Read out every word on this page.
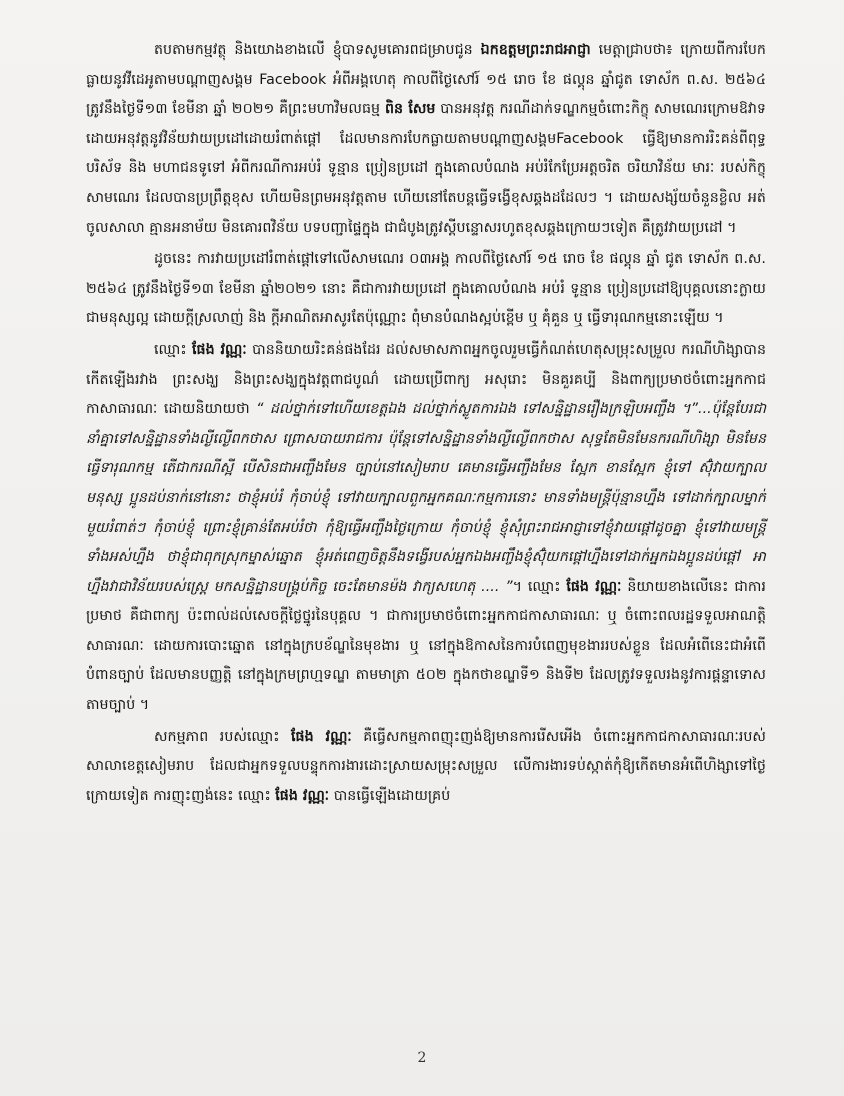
តបតាមកម្មវត្ថុ និងយោងខាងលើ ខ្ញុំបាទសូមគោរពជម្រាបជូន ឯកឧត្តមព្រះរាជអាជ្ញា មេត្តាជ្រាបថា៖ ក្រោយពីការបែកធ្លាយនូវវីដេអូតាមបណ្តាញសង្គម Facebook អំពីអង្គហេតុ កាលពីថ្ងៃសៅរ៍ ១៥ រោច ខែ ផល្គុន ឆ្នាំជូត ទោស័ក ព.ស. ២៥៦៤ ត្រូវនឹងថ្ងៃទី១៣ ខែមីនា ឆ្នាំ ២០២១ គឺព្រះមហាវិមលធម្ម ពិន សែម បានអនុវត្ត ករណីដាក់ទណ្ឌកម្មចំពោះកិក្ខុ សាមណេរក្រោមឱវាទ ដោយអនុវត្តនូវវិន័យវាយប្រដៅដោយរំពាត់ផ្តៅ ដែលមានការបែកធ្លាយតាមបណ្តាញសង្គមFacebook ធ្វើឱ្យមានការរិះគន់ពីពុទ្ធបរិស័ទ និង មហាជនទូទៅ អំពីករណីការអប់រំ ទូន្មាន ប្រៀនប្រដៅ ក្នុងគោលបំណង អប់រំកែប្រែអត្តចរិត ចរិយាវិន័យ មារៈ របស់កិក្ខុសាមណេរ ដែលបានប្រព្រឹត្តខុស ហើយមិនព្រមអនុវត្តតាម ហើយនៅតែបន្តធ្វើទង្វើខុសឆ្គងដដែលៗ ។ ដោយសង្ស័យចំនួនខ្លិល អត់ចូលសាលា គ្មានអនាម័យ មិនគោរពវិន័យ បទបញ្ជាផ្ទៃក្នុង ជាជំបូងត្រូវស្តីបន្ទោសរហូតខុសឆ្គងក្រោយៗទៀត គឺត្រូវវាយប្រដៅ ។

ដូចនេះ ការវាយប្រដៅរំពាត់ផ្តៅទៅលើសាមណេរ ០៣អង្គ កាលពីថ្ងៃសៅរ៍ ១៥ រោច ខែ ផល្គុន ឆ្នាំ ជូត ទោស័ក ព.ស. ២៥៦៤ ត្រូវនឹងថ្ងៃទី១៣ ខែមីនា ឆ្នាំ២០២១ នោះ គឺជាការវាយប្រដៅ ក្នុងគោលបំណង អប់រំ ទូន្មាន ប្រៀនប្រដៅឱ្យបុគ្គលនោះក្លាយជាមនុស្សល្អ ដោយក្តីស្រលាញ់ និង ក្តីអាណិតអាសូរតែប៉ុណ្ណោះ ពុំមានបំណងស្អប់ខ្ពើម ឬ គុំគួន ឬ ធ្វើទារុណកម្មនោះឡើយ ។

ឈ្មោះ ផែង វណ្ណៈ បាននិយាយរិះគន់ផងដែរ ដល់សមាសភាពអ្នកចូលរួមធ្វើកំណត់ហេតុសម្រុះសម្រួល ករណីហិង្សាបានកើតឡើងរវាង ព្រះសង្ឃ និងព្រះសង្ឃក្នុងវត្តពាជបូណ៌ ដោយប្រើពាក្យ អសុរោះ មិនគួរគប្បី និងពាក្យប្រមាថចំពោះអ្នកកាជកាសាធារណៈ ដោយនិយាយថា “ ដល់ថ្នាក់ទៅហើយខេត្តឯង ដល់ថ្នាក់ស្លូតការឯង ទៅសន្និដ្ឋានរឿងក្រឡិបអញ្ចឹង ។”...ប៉ុន្តែបែរជានាំគ្នាទៅសន្និដ្ឋានទាំងល្ងីល្ងើពកថាស ព្រោសបាយរាជការ ប៉ុន្តែទៅសន្និដ្ឋានទាំងល្ងីល្ងើពកថាស សុទ្ធតែមិនមែនករណីហិង្សា មិនមែនធ្វើទារុណកម្ម តើជាករណីស្អី បើសិនជាអញ្ចឹងមែន ច្បាប់នៅសៀមរាប គេមានធ្វើអញ្ចឹងមែន ស្អែក ខានស្អែក ខ្ញុំទៅ ស៊ុំវាយក្បាលមនុស្ស ប្អូនដប់នាក់នៅនោះ ថាខ្ញុំអប់រំ កុំចាប់ខ្ញុំ ទៅវាយក្បាលពួកអ្នកគណៈកម្មការនោះ មានទាំងមន្ត្រីប៉ុន្មានហ្នឹង ទៅដាក់ក្បាលម្នាក់មួយរំពាត់ៗ កុំចាប់ខ្ញុំ ព្រោះខ្ញុំគ្រាន់តែអប់រំថា កុំឱ្យធ្វើអញ្ចឹងថ្ងៃក្រោយ កុំចាប់ខ្ញុំ ខ្ញុំសុំព្រះរាជអាជ្ញាទៅខ្ញុំវាយផ្តៅដូចគ្នា ខ្ញុំទៅវាយមន្ត្រីទាំងអស់ហ្នឹង ថាខ្ញុំជាពុកស្រុកម្នាស់ឆ្នោត ខ្ញុំអត់ពេញចិត្តនឹងទង្វើរបស់អ្នកឯងអញ្ចឹងខ្ញុំស៊ុំយកផ្តៅហ្នឹងទៅដាក់អ្នកឯងប្អូនដប់ផ្តៅ អាហ្នឹងវាជាវិន័យរបស់ស្ត្រេ មកសន្និដ្ឋានបង្គ្រប់កិច្ច ចេះតែមានម៉ង វាក្យសហេតុ .... ”។ ឈ្មោះ ផែង វណ្ណៈ និយាយខាងលើនេះ ជាការប្រមាថ គឺជាពាក្យ ប៉ះពាល់ដល់សេចក្តីថ្លៃថ្នូរនៃបុគ្គល ។ ជាការប្រមាថចំពោះអ្នកកាជកាសាធារណៈ ឬ ចំពោះពលរដ្ឋទទួលអាណត្តិសាធារណៈ ដោយការបោះឆ្នោត នៅក្នុងក្របខ័ណ្ឌនៃមុខងារ ឬ នៅក្នុងឱកាសនៃការបំពេញមុខងាររបស់ខ្លួន ដែលអំពើនេះជាអំពើបំពានច្បាប់ ដែលមានបញ្ញត្តិ នៅក្នុងក្រមព្រហ្មទណ្ឌ តាមមាត្រា ៥០២ ក្នុងកថាខណ្ឌទី១ និងទី២ ដែលត្រូវទទួលរងនូវការផ្តន្ទាទោសតាមច្បាប់ ។

សកម្មភាព របស់ឈ្មោះ ផែង វណ្ណៈ គឺធ្វើសកម្មភាពញុះញង់ឱ្យមានការរើសអើង ចំពោះអ្នកកាជកាសាធារណៈរបស់សាលាខេត្តសៀមរាប ដែលជាអ្នកទទួលបន្ទុកការងារដោះស្រាយសម្រុះសម្រួល លើការងារទប់ស្កាត់កុំឱ្យកើតមានអំពើហិង្សាទៅថ្ងៃក្រោយទៀត ការញុះញង់នេះ ឈ្មោះ ផែង វណ្ណៈ បានធ្វើឡើងដោយគ្រប់

2
